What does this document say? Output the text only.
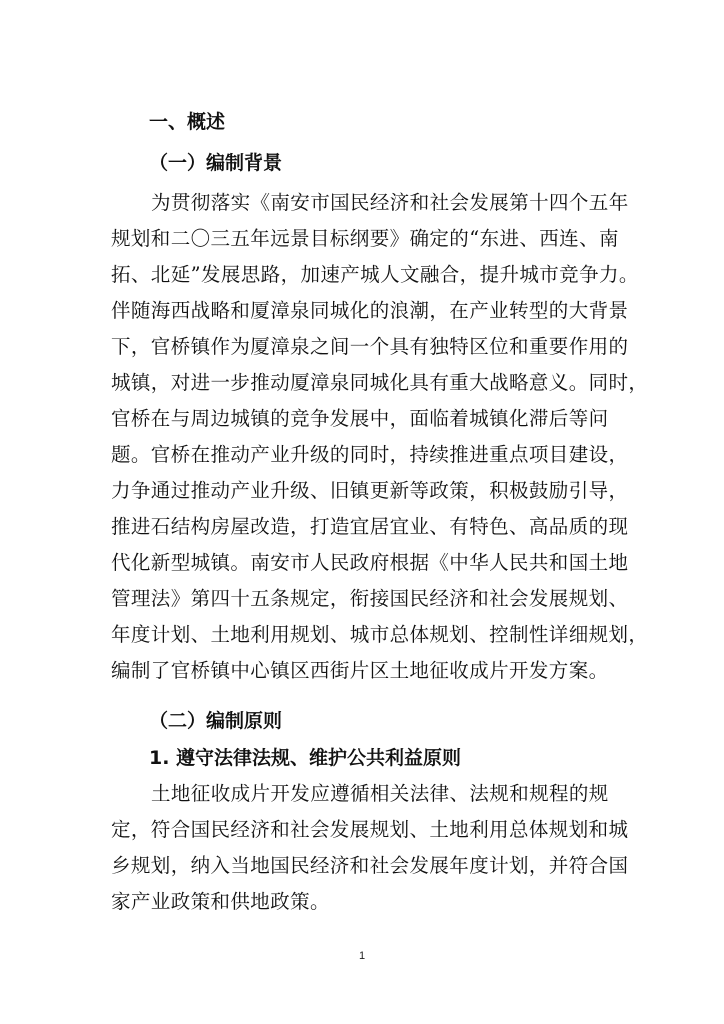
一、概述
（一）编制背景
为贯彻落实《南安市国民经济和社会发展第十四个五年
规划和二〇三五年远景目标纲要》确定的“东进、西连、南
拓、北延”发展思路，加速产城人文融合，提升城市竞争力。
伴随海西战略和厦漳泉同城化的浪潮，在产业转型的大背景
下，官桥镇作为厦漳泉之间一个具有独特区位和重要作用的
城镇，对进一步推动厦漳泉同城化具有重大战略意义。同时，
官桥在与周边城镇的竞争发展中，面临着城镇化滞后等问
题。官桥在推动产业升级的同时，持续推进重点项目建设，
力争通过推动产业升级、旧镇更新等政策，积极鼓励引导，
推进石结构房屋改造，打造宜居宜业、有特色、高品质的现
代化新型城镇。南安市人民政府根据《中华人民共和国土地
管理法》第四十五条规定，衔接国民经济和社会发展规划、
年度计划、土地利用规划、城市总体规划、控制性详细规划，
编制了官桥镇中心镇区西街片区土地征收成片开发方案。
（二）编制原则
1. 遵守法律法规、维护公共利益原则
土地征收成片开发应遵循相关法律、法规和规程的规
定，符合国民经济和社会发展规划、土地利用总体规划和城
乡规划，纳入当地国民经济和社会发展年度计划，并符合国
家产业政策和供地政策。
1
